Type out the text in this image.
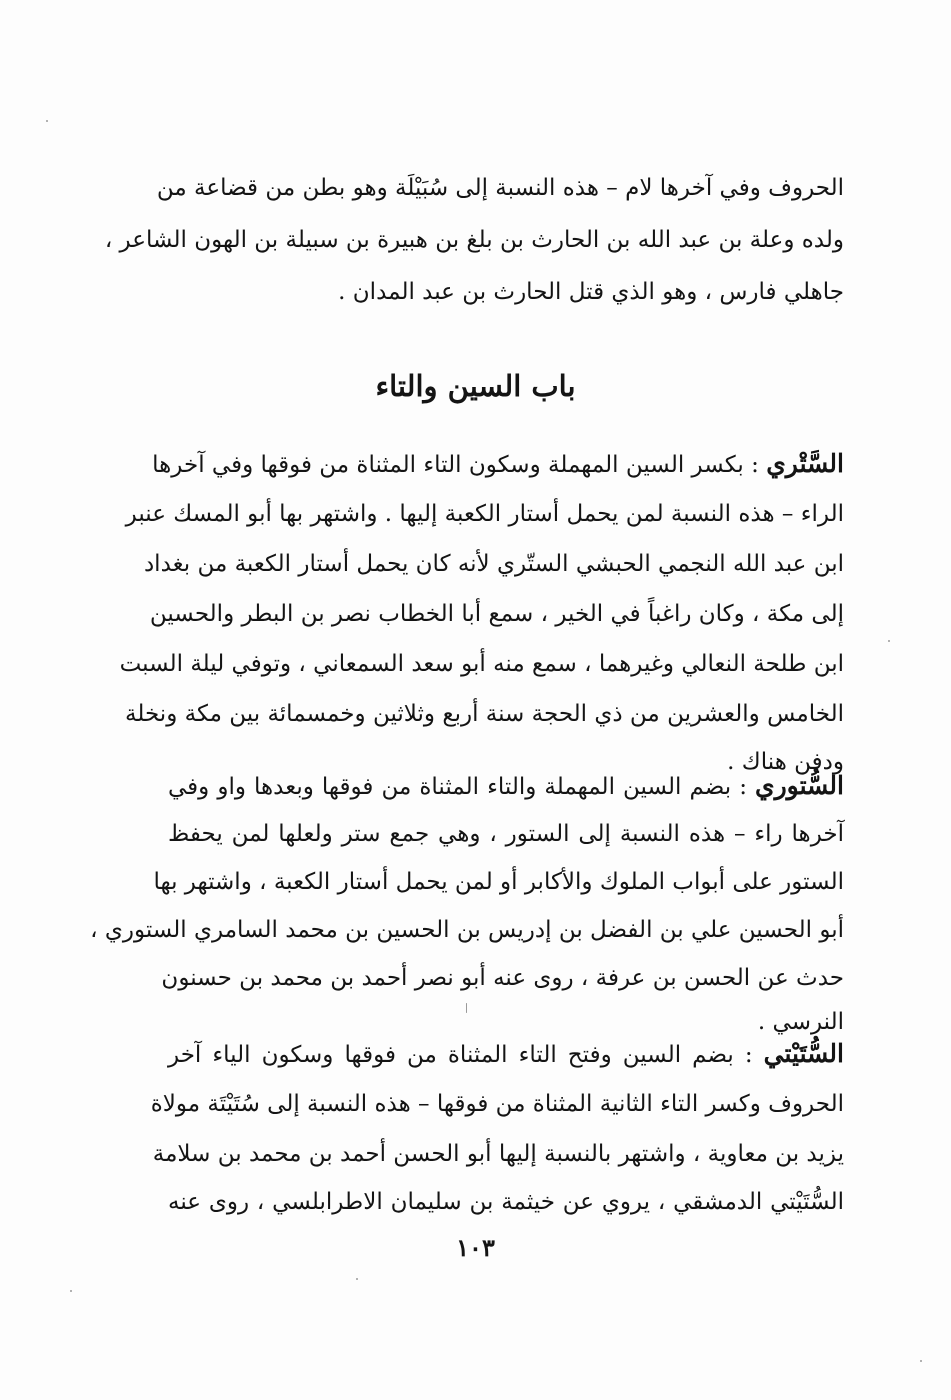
الحروف وفي آخرها لام – هذه النسبة إلى سُبَيْلَة وهو بطن من قضاعة من
ولده وعلة بن عبد الله بن الحارث بن بلغ بن هبيرة بن سبيلة بن الهون الشاعر ،
جاهلي فارس ، وهو الذي قتل الحارث بن عبد المدان .
باب السين والتاء
السَّتْري : بكسر السين المهملة وسكون التاء المثناة من فوقها وفي آخرها
الراء – هذه النسبة لمن يحمل أستار الكعبة إليها . واشتهر بها أبو المسك عنبر
ابن عبد الله النجمي الحبشي الستّري لأنه كان يحمل أستار الكعبة من بغداد
إلى مكة ، وكان راغباً في الخير ، سمع أبا الخطاب نصر بن البطر والحسين
ابن طلحة النعالي وغيرهما ، سمع منه أبو سعد السمعاني ، وتوفي ليلة السبت
الخامس والعشرين من ذي الحجة سنة أربع وثلاثين وخمسمائة بين مكة ونخلة
ودفن هناك .
السُّتوري : بضم السين المهملة والتاء المثناة من فوقها وبعدها واو وفي
آخرها راء – هذه النسبة إلى الستور ، وهي جمع ستر ولعلها لمن يحفظ
الستور على أبواب الملوك والأكابر أو لمن يحمل أستار الكعبة ، واشتهر بها
أبو الحسين علي بن الفضل بن إدريس بن الحسين بن محمد السامري الستوري ،
حدث عن الحسن بن عرفة ، روى عنه أبو نصر أحمد بن محمد بن حسنون
النرسي .
السُّتَيْتي : بضم السين وفتح التاء المثناة من فوقها وسكون الياء آخر
الحروف وكسر التاء الثانية المثناة من فوقها – هذه النسبة إلى سُتَيْتَة مولاة
يزيد بن معاوية ، واشتهر بالنسبة إليها أبو الحسن أحمد بن محمد بن سلامة
السُّتَيْتي الدمشقي ، يروي عن خيثمة بن سليمان الاطرابلسي ، روى عنه
١٠٣
